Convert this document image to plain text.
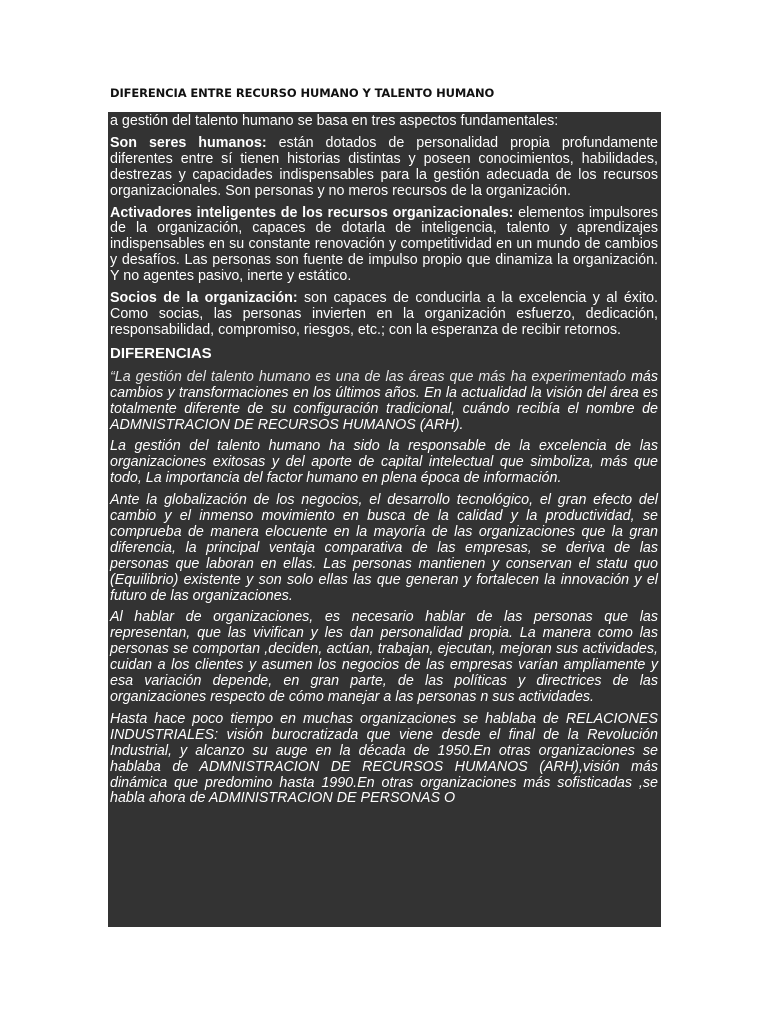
DIFERENCIA ENTRE RECURSO HUMANO Y TALENTO HUMANO

a gestión del talento humano se basa en tres aspectos fundamentales:

Son seres humanos: están dotados de personalidad propia profundamente diferentes entre sí tienen historias distintas y poseen conocimientos, habilidades, destrezas y capacidades indispensables para la gestión adecuada de los recursos organizacionales. Son personas y no meros recursos de la organización.

Activadores inteligentes de los recursos organizacionales: elementos impulsores de la organización, capaces de dotarla de inteligencia, talento y aprendizajes indispensables en su constante renovación y competitividad en un mundo de cambios y desafíos. Las personas son fuente de impulso propio que dinamiza la organización. Y no agentes pasivo, inerte y estático.

Socios de la organización: son capaces de conducirla a la excelencia y al éxito. Como socias, las personas invierten en la organización esfuerzo, dedicación, responsabilidad, compromiso, riesgos, etc.; con la esperanza de recibir retornos.

DIFERENCIAS

“La gestión del talento humano es una de las áreas que más ha experimentado más cambios y transformaciones en los últimos años. En la actualidad la visión del área es totalmente diferente de su configuración tradicional, cuándo recibía el nombre de ADMNISTRACION DE RECURSOS HUMANOS (ARH).

La gestión del talento humano ha sido la responsable de la excelencia de las organizaciones exitosas y del aporte de capital intelectual que simboliza, más que todo, La importancia del factor humano en plena época de información.

Ante la globalización de los negocios, el desarrollo tecnológico, el gran efecto del cambio y el inmenso movimiento en busca de la calidad y la productividad, se comprueba de manera elocuente en la mayoría de las organizaciones que la gran diferencia, la principal ventaja comparativa de las empresas, se deriva de las personas que laboran en ellas. Las personas mantienen y conservan el statu quo (Equilibrio) existente y son solo ellas las que generan y fortalecen la innovación y el futuro de las organizaciones.

Al hablar de organizaciones, es necesario hablar de las personas que las representan, que las vivifican y les dan personalidad propia. La manera como las personas se comportan ,deciden, actúan, trabajan, ejecutan, mejoran sus actividades, cuidan a los clientes y asumen los negocios de las empresas varían ampliamente y esa variación depende, en gran parte, de las políticas y directrices de las organizaciones respecto de cómo manejar a las personas n sus actividades.

Hasta hace poco tiempo en muchas organizaciones se hablaba de RELACIONES INDUSTRIALES: visión burocratizada que viene desde el final de la Revolución Industrial, y alcanzo su auge en la década de 1950.En otras organizaciones se hablaba de ADMNISTRACION DE RECURSOS HUMANOS (ARH),visión más dinámica que predomino hasta 1990.En otras organizaciones más sofisticadas ,se habla ahora de ADMINISTRACION DE PERSONAS O
